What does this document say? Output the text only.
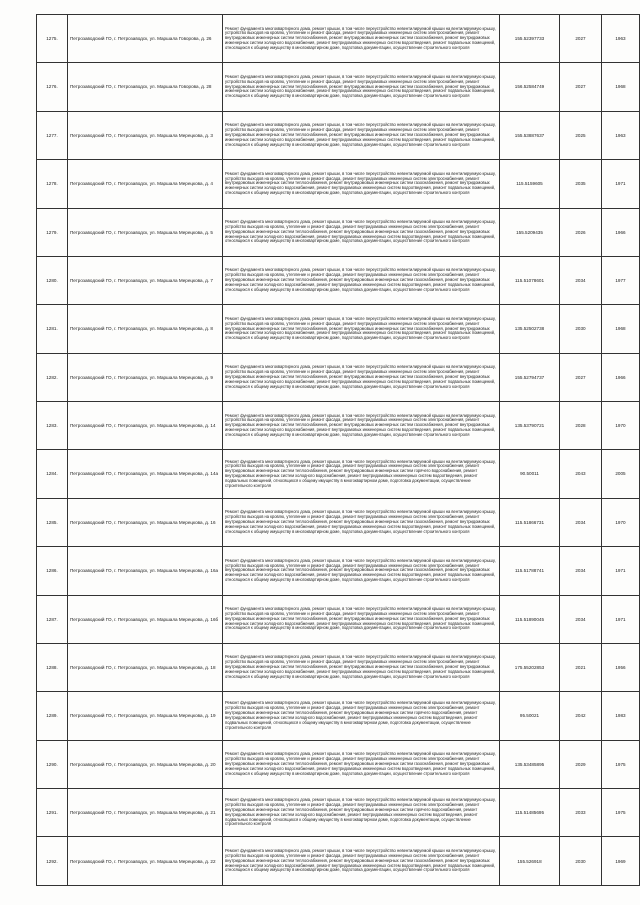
1275.	Петрозаводский ГО, г. Петрозаводск, ул. Маршала Говорова, д. 26	Ремонт фундамента многоквартирного дома, ремонт крыши, в том числе переустройство невентилируемой крыши на вентилируемую крышу, устройство выходов на кровлю, утепление и ремонт фасада, ремонт внутридомовых инженерных систем электроснабжения, ремонт внутридомовых инженерных систем теплоснабжения, ремонт внутридомовых инженерных систем газоснабжения, ремонт внутридомовых инженерных систем холодного водоснабжения, ремонт внутридомовых инженерных систем водоотведения, ремонт подвальных помещений, относящихся к общему имуществу в многоквартирном доме, подготовка документации, осуществление строительного контроля	155.52397733	2027	1963
1276.	Петрозаводский ГО, г. Петрозаводск, ул. Маршала Говорова, д. 28	Ремонт фундамента многоквартирного дома, ремонт крыши, в том числе переустройство невентилируемой крыши на вентилируемую крышу, устройство выходов на кровлю, утепление и ремонт фасада, ремонт внутридомовых инженерных систем электроснабжения, ремонт внутридомовых инженерных систем теплоснабжения, ремонт внутридомовых инженерных систем газоснабжения, ремонт внутридомовых инженерных систем холодного водоснабжения, ремонт внутридомовых инженерных систем водоотведения, ремонт подвальных помещений, относящихся к общему имуществу в многоквартирном доме, подготовка документации, осуществление строительного контроля	156.52584749	2027	1968
1277.	Петрозаводский ГО, г. Петрозаводск, ул. Маршала Мерецкова, д. 3	Ремонт фундамента многоквартирного дома, ремонт крыши, в том числе переустройство невентилируемой крыши на вентилируемую крышу, устройство выходов на кровлю, утепление и ремонт фасада, ремонт внутридомовых инженерных систем электроснабжения, ремонт внутридомовых инженерных систем теплоснабжения, ремонт внутридомовых инженерных систем газоснабжения, ремонт внутридомовых инженерных систем холодного водоснабжения, ремонт внутридомовых инженерных систем водоотведения, ремонт подвальных помещений, относящихся к общему имуществу в многоквартирном доме, подготовка документации, осуществление строительного контроля	155.53887637	2025	1963
1278.	Петрозаводский ГО, г. Петрозаводск, ул. Маршала Мерецкова, д. 4	Ремонт фундамента многоквартирного дома, ремонт крыши, в том числе переустройство невентилируемой крыши на вентилируемую крышу, устройство выходов на кровлю, утепление и ремонт фасада, ремонт внутридомовых инженерных систем электроснабжения, ремонт внутридомовых инженерных систем теплоснабжения, ремонт внутридомовых инженерных систем газоснабжения, ремонт внутридомовых инженерных систем холодного водоснабжения, ремонт внутридомовых инженерных систем водоотведения, ремонт подвальных помещений, относящихся к общему имуществу в многоквартирном доме, подготовка документации, осуществление строительного контроля	115.5159605	2035	1971
1279.	Петрозаводский ГО, г. Петрозаводск, ул. Маршала Мерецкова, д. 5	Ремонт фундамента многоквартирного дома, ремонт крыши, в том числе переустройство невентилируемой крыши на вентилируемую крышу, устройство выходов на кровлю, утепление и ремонт фасада, ремонт внутридомовых инженерных систем электроснабжения, ремонт внутридомовых инженерных систем теплоснабжения, ремонт внутридомовых инженерных систем газоснабжения, ремонт внутридомовых инженерных систем холодного водоснабжения, ремонт внутридомовых инженерных систем водоотведения, ремонт подвальных помещений, относящихся к общему имуществу в многоквартирном доме, подготовка документации, осуществление строительного контроля	155.5209435	2026	1966
1280.	Петрозаводский ГО, г. Петрозаводск, ул. Маршала Мерецкова, д. 7	Ремонт фундамента многоквартирного дома, ремонт крыши, в том числе переустройство невентилируемой крыши на вентилируемую крышу, устройство выходов на кровлю, утепление и ремонт фасада, ремонт внутридомовых инженерных систем электроснабжения, ремонт внутридомовых инженерных систем теплоснабжения, ремонт внутридомовых инженерных систем газоснабжения, ремонт внутридомовых инженерных систем холодного водоснабжения, ремонт внутридомовых инженерных систем водоотведения, ремонт подвальных помещений, относящихся к общему имуществу в многоквартирном доме, подготовка документации, осуществление строительного контроля	115.51078601	2034	1977
1281.	Петрозаводский ГО, г. Петрозаводск, ул. Маршала Мерецкова, д. 8	Ремонт фундамента многоквартирного дома, ремонт крыши, в том числе переустройство невентилируемой крыши на вентилируемую крышу, устройство выходов на кровлю, утепление и ремонт фасада, ремонт внутридомовых инженерных систем электроснабжения, ремонт внутридомовых инженерных систем теплоснабжения, ремонт внутридомовых инженерных систем газоснабжения, ремонт внутридомовых инженерных систем холодного водоснабжения, ремонт внутридомовых инженерных систем водоотведения, ремонт подвальных помещений, относящихся к общему имуществу в многоквартирном доме, подготовка документации, осуществление строительного контроля	135.52502738	2030	1968
1282.	Петрозаводский ГО, г. Петрозаводск, ул. Маршала Мерецкова, д. 9	Ремонт фундамента многоквартирного дома, ремонт крыши, в том числе переустройство невентилируемой крыши на вентилируемую крышу, устройство выходов на кровлю, утепление и ремонт фасада, ремонт внутридомовых инженерных систем электроснабжения, ремонт внутридомовых инженерных систем теплоснабжения, ремонт внутридомовых инженерных систем газоснабжения, ремонт внутридомовых инженерных систем холодного водоснабжения, ремонт внутридомовых инженерных систем водоотведения, ремонт подвальных помещений, относящихся к общему имуществу в многоквартирном доме, подготовка документации, осуществление строительного контроля	155.52794737	2027	1966
1283.	Петрозаводский ГО, г. Петрозаводск, ул. Маршала Мерецкова, д. 14	Ремонт фундамента многоквартирного дома, ремонт крыши, в том числе переустройство невентилируемой крыши на вентилируемую крышу, устройство выходов на кровлю, утепление и ремонт фасада, ремонт внутридомовых инженерных систем электроснабжения, ремонт внутридомовых инженерных систем теплоснабжения, ремонт внутридомовых инженерных систем газоснабжения, ремонт внутридомовых инженерных систем холодного водоснабжения, ремонт внутридомовых инженерных систем водоотведения, ремонт подвальных помещений, относящихся к общему имуществу в многоквартирном доме, подготовка документации, осуществление строительного контроля	135.53790721	2028	1970
1284.	Петрозаводский ГО, г. Петрозаводск, ул. Маршала Мерецкова, д. 14а	Ремонт фундамента многоквартирного дома, ремонт крыши, в том числе переустройство невентилируемой крыши на вентилируемую крышу, устройство выходов на кровлю, утепление и ремонт фасада, ремонт внутридомовых инженерных систем электроснабжения, ремонт внутридомовых инженерных систем теплоснабжения, ремонт внутридомовых инженерных систем горячего водоснабжения, ремонт внутридомовых инженерных систем холодного водоснабжения, ремонт внутридомовых инженерных систем водоотведения, ремонт подвальных помещений, относящихся к общему имуществу в многоквартирном доме, подготовка документации, осуществление строительного контроля	90.50011	2043	2005
1285.	Петрозаводский ГО, г. Петрозаводск, ул. Маршала Мерецкова, д. 16	Ремонт фундамента многоквартирного дома, ремонт крыши, в том числе переустройство невентилируемой крыши на вентилируемую крышу, устройство выходов на кровлю, утепление и ремонт фасада, ремонт внутридомовых инженерных систем электроснабжения, ремонт внутридомовых инженерных систем теплоснабжения, ремонт внутридомовых инженерных систем газоснабжения, ремонт внутридомовых инженерных систем холодного водоснабжения, ремонт внутридомовых инженерных систем водоотведения, ремонт подвальных помещений, относящихся к общему имуществу в многоквартирном доме, подготовка документации, осуществление строительного контроля	115.51866731	2034	1970
1286.	Петрозаводский ГО, г. Петрозаводск, ул. Маршала Мерецкова, д. 16а	Ремонт фундамента многоквартирного дома, ремонт крыши, в том числе переустройство невентилируемой крыши на вентилируемую крышу, устройство выходов на кровлю, утепление и ремонт фасада, ремонт внутридомовых инженерных систем электроснабжения, ремонт внутридомовых инженерных систем теплоснабжения, ремонт внутридомовых инженерных систем газоснабжения, ремонт внутридомовых инженерных систем холодного водоснабжения, ремонт внутридомовых инженерных систем водоотведения, ремонт подвальных помещений, относящихся к общему имуществу в многоквартирном доме, подготовка документации, осуществление строительного контроля	115.51788741	2034	1971
1287.	Петрозаводский ГО, г. Петрозаводск, ул. Маршала Мерецкова, д. 16б	Ремонт фундамента многоквартирного дома, ремонт крыши, в том числе переустройство невентилируемой крыши на вентилируемую крышу, устройство выходов на кровлю, утепление и ремонт фасада, ремонт внутридомовых инженерных систем электроснабжения, ремонт внутридомовых инженерных систем теплоснабжения, ремонт внутридомовых инженерных систем газоснабжения, ремонт внутридомовых инженерных систем холодного водоснабжения, ремонт внутридомовых инженерных систем водоотведения, ремонт подвальных помещений, относящихся к общему имуществу в многоквартирном доме, подготовка документации, осуществление строительного контроля	115.51890045	2034	1971
1288.	Петрозаводский ГО, г. Петрозаводск, ул. Маршала Мерецкова, д. 18	Ремонт фундамента многоквартирного дома, ремонт крыши, в том числе переустройство невентилируемой крыши на вентилируемую крышу, устройство выходов на кровлю, утепление и ремонт фасада, ремонт внутридомовых инженерных систем электроснабжения, ремонт внутридомовых инженерных систем теплоснабжения, ремонт внутридомовых инженерных систем газоснабжения, ремонт внутридомовых инженерных систем холодного водоснабжения, ремонт внутридомовых инженерных систем водоотведения, ремонт подвальных помещений, относящихся к общему имуществу в многоквартирном доме, подготовка документации, осуществление строительного контроля	175.55202853	2021	1956
1289.	Петрозаводский ГО, г. Петрозаводск, ул. Маршала Мерецкова, д. 19	Ремонт фундамента многоквартирного дома, ремонт крыши, в том числе переустройство невентилируемой крыши на вентилируемую крышу, устройство выходов на кровлю, утепление и ремонт фасада, ремонт внутридомовых инженерных систем электроснабжения, ремонт внутридомовых инженерных систем теплоснабжения, ремонт внутридомовых инженерных систем горячего водоснабжения, ремонт внутридомовых инженерных систем холодного водоснабжения, ремонт внутридомовых инженерных систем водоотведения, ремонт подвальных помещений, относящихся к общему имуществу в многоквартирном доме, подготовка документации, осуществление строительного контроля	95.50021	2042	1983
1290.	Петрозаводский ГО, г. Петрозаводск, ул. Маршала Мерецкова, д. 20	Ремонт фундамента многоквартирного дома, ремонт крыши, в том числе переустройство невентилируемой крыши на вентилируемую крышу, устройство выходов на кровлю, утепление и ремонт фасада, ремонт внутридомовых инженерных систем электроснабжения, ремонт внутридомовых инженерных систем теплоснабжения, ремонт внутридомовых инженерных систем газоснабжения, ремонт внутридомовых инженерных систем холодного водоснабжения, ремонт внутридомовых инженерных систем водоотведения, ремонт подвальных помещений, относящихся к общему имуществу в многоквартирном доме, подготовка документации, осуществление строительного контроля	135.53485895	2029	1975
1291.	Петрозаводский ГО, г. Петрозаводск, ул. Маршала Мерецкова, д. 21	Ремонт фундамента многоквартирного дома, ремонт крыши, в том числе переустройство невентилируемой крыши на вентилируемую крышу, устройство выходов на кровлю, утепление и ремонт фасада, ремонт внутридомовых инженерных систем электроснабжения, ремонт внутридомовых инженерных систем теплоснабжения, ремонт внутридомовых инженерных систем горячего водоснабжения, ремонт внутридомовых инженерных систем холодного водоснабжения, ремонт внутридомовых инженерных систем водоотведения, ремонт подвальных помещений, относящихся к общему имуществу в многоквартирном доме, подготовка документации, осуществление строительного контроля	115.51485695	2033	1975
1292.	Петрозаводский ГО, г. Петрозаводск, ул. Маршала Мерецкова, д. 22	Ремонт фундамента многоквартирного дома, ремонт крыши, в том числе переустройство невентилируемой крыши на вентилируемую крышу, устройство выходов на кровлю, утепление и ремонт фасада, ремонт внутридомовых инженерных систем электроснабжения, ремонт внутридомовых инженерных систем теплоснабжения, ремонт внутридомовых инженерных систем газоснабжения, ремонт внутридомовых инженерных систем холодного водоснабжения, ремонт внутридомовых инженерных систем водоотведения, ремонт подвальных помещений, относящихся к общему имуществу в многоквартирном доме, подготовка документации, осуществление строительного контроля	155.526918	2030	1969
